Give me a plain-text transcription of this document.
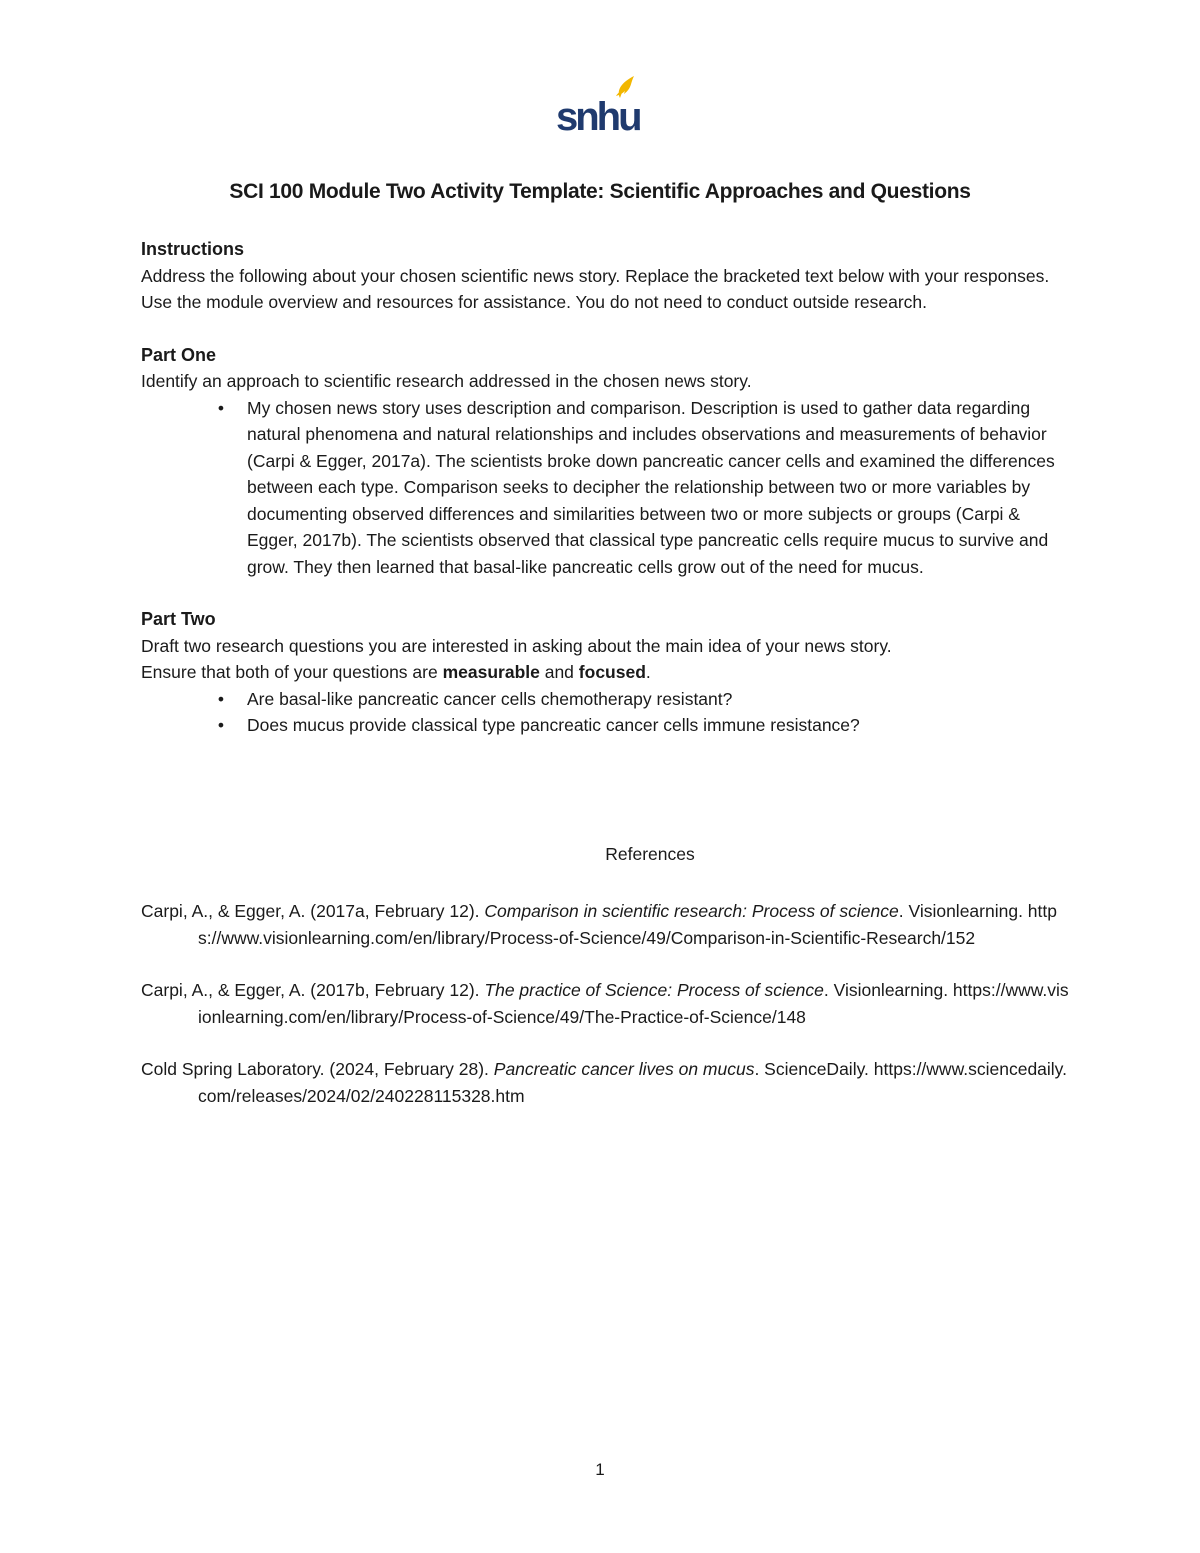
snhu
SCI 100 Module Two Activity Template: Scientific Approaches and Questions

Instructions

Address the following about your chosen scientific news story. Replace the bracketed text below with your responses. Use the module overview and resources for assistance. You do not need to conduct outside research.

Part One

Identify an approach to scientific research addressed in the chosen news story.

•	My chosen news story uses description and comparison. Description is used to gather data regarding natural phenomena and natural relationships and includes observations and measurements of behavior (Carpi & Egger, 2017a). The scientists broke down pancreatic cancer cells and examined the differences between each type. Comparison seeks to decipher the relationship between two or more variables by documenting observed differences and similarities between two or more subjects or groups (Carpi & Egger, 2017b). The scientists observed that classical type pancreatic cells require mucus to survive and grow. They then learned that basal-like pancreatic cells grow out of the need for mucus.

Part Two

Draft two research questions you are interested in asking about the main idea of your news story.

Ensure that both of your questions are measurable and focused.

•	Are basal-like pancreatic cancer cells chemotherapy resistant?
•	Does mucus provide classical type pancreatic cancer cells immune resistance?
References

Carpi, A., & Egger, A. (2017a, February 12). Comparison in scientific research: Process of science. Visionlearning. https://www.visionlearning.com/en/library/Process-of-Science/49/Comparison-in-Scientific-Research/152

Carpi, A., & Egger, A. (2017b, February 12). The practice of Science: Process of science. Visionlearning. https://www.visionlearning.com/en/library/Process-of-Science/49/The-Practice-of-Science/148

Cold Spring Laboratory. (2024, February 28). Pancreatic cancer lives on mucus. ScienceDaily. https://www.sciencedaily.com/releases/2024/02/240228115328.htm

1
